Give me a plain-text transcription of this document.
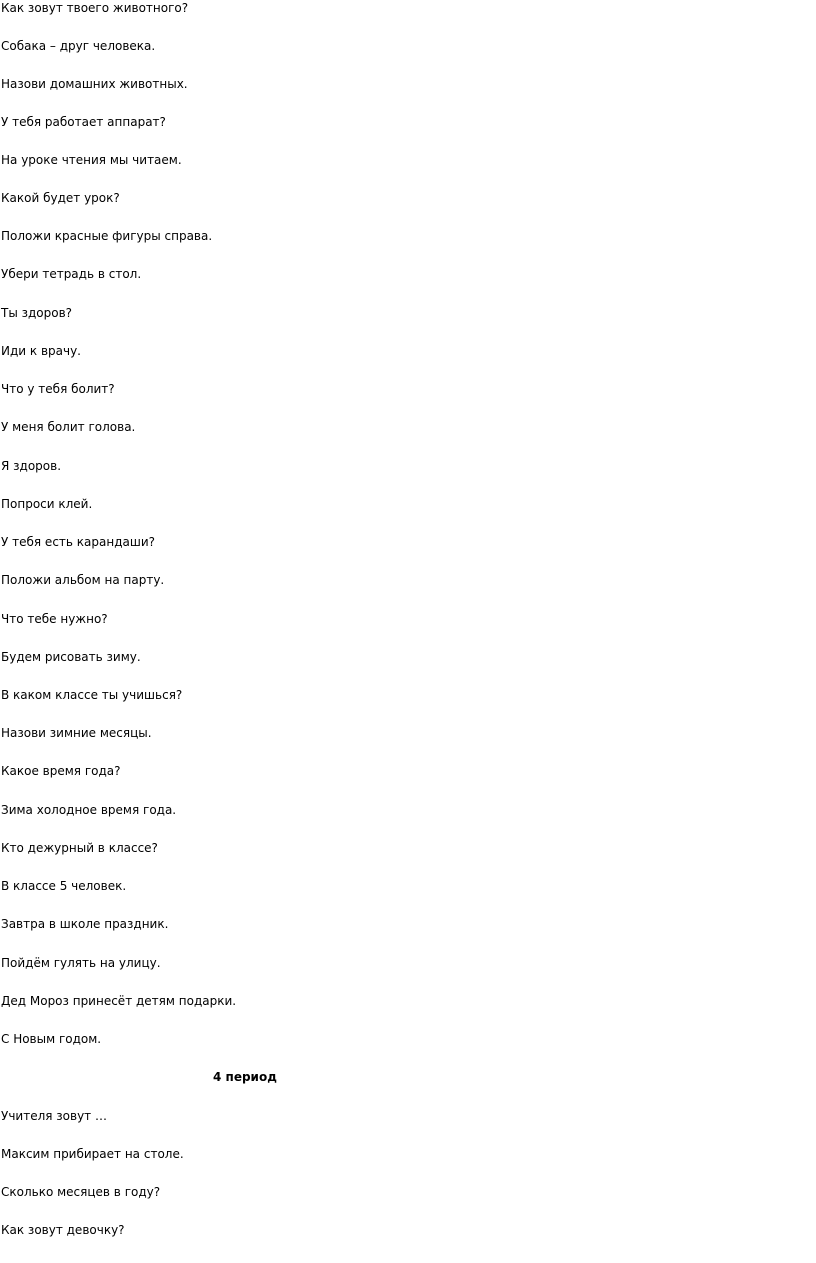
Как зовут твоего животного?
Собака – друг человека.
Назови домашних животных.
У тебя работает аппарат?
На уроке чтения мы читаем.
Какой будет урок?
Положи красные фигуры справа.
Убери тетрадь в стол.
Ты здоров?
Иди к врачу.
Что у тебя болит?
У меня болит голова.
Я здоров.
Попроси клей.
У тебя есть карандаши?
Положи альбом на парту.
Что тебе нужно?
Будем рисовать зиму.
В каком классе ты учишься?
Назови зимние месяцы.
Какое время года?
Зима холодное время года.
Кто дежурный в классе?
В классе 5 человек.
Завтра в школе праздник.
Пойдём гулять на улицу.
Дед Мороз принесёт детям подарки.
С Новым годом.
4 период
Учителя зовут …
Максим прибирает на столе.
Сколько месяцев в году?
Как зовут девочку?
